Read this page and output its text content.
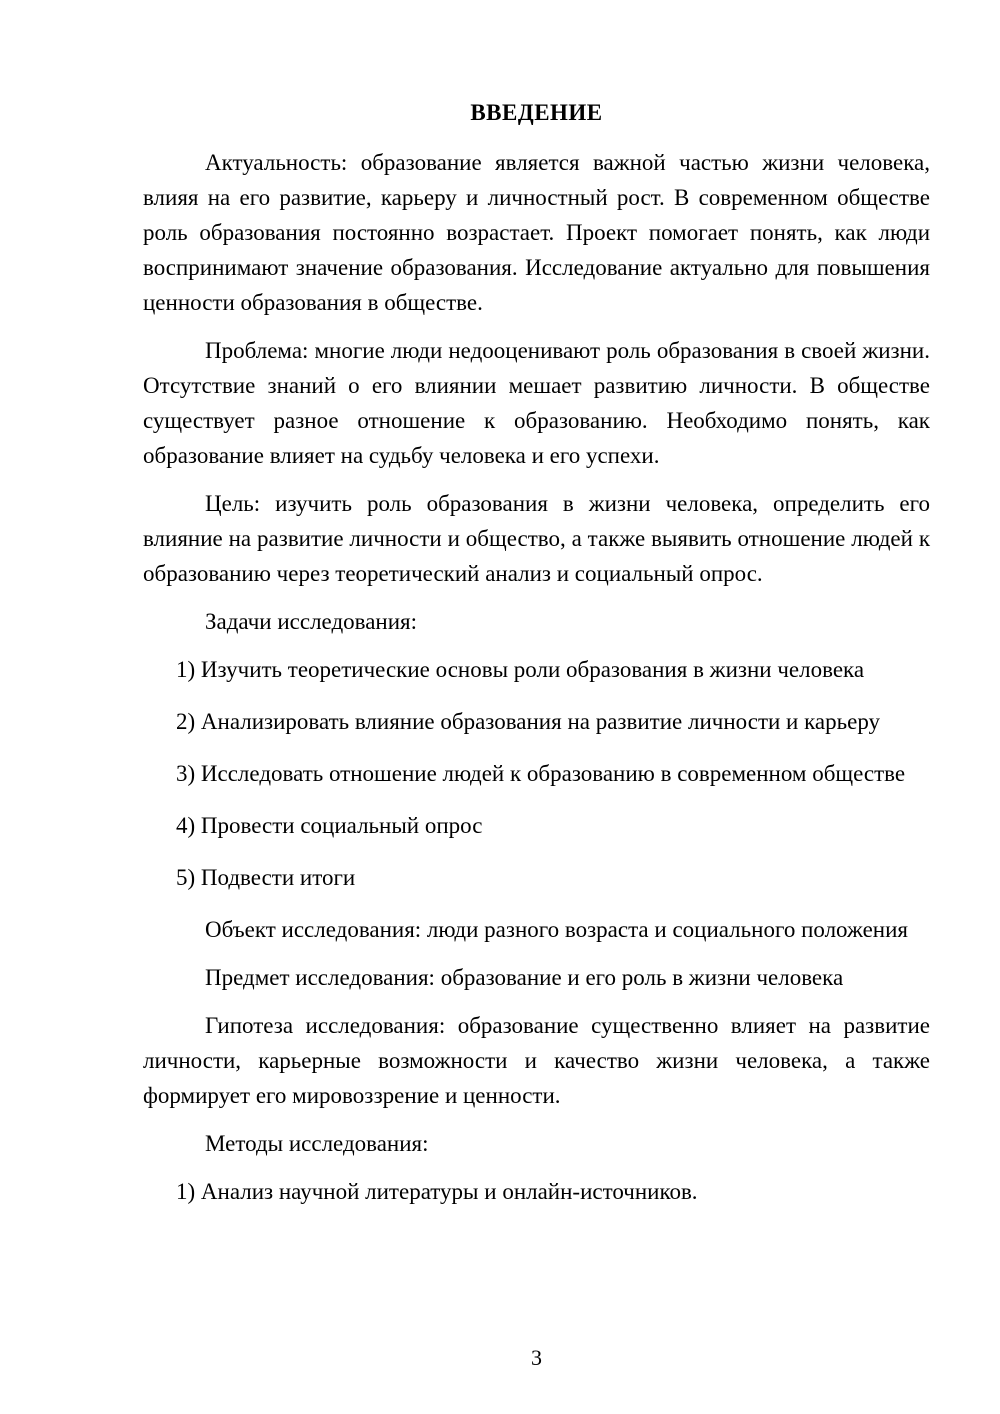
ВВЕДЕНИЕ

Актуальность: образование является важной частью жизни человека, влияя на его развитие, карьеру и личностный рост. В современном обществе роль образования постоянно возрастает. Проект помогает понять, как люди воспринимают значение образования. Исследование актуально для повышения ценности образования в обществе.

Проблема: многие люди недооценивают роль образования в своей жизни. Отсутствие знаний о его влиянии мешает развитию личности. В обществе существует разное отношение к образованию. Необходимо понять, как образование влияет на судьбу человека и его успехи.

Цель: изучить роль образования в жизни человека, определить его влияние на развитие личности и общество, а также выявить отношение людей к образованию через теоретический анализ и социальный опрос.

Задачи исследования:

1) Изучить теоретические основы роли образования в жизни человека

2) Анализировать влияние образования на развитие личности и карьеру

3) Исследовать отношение людей к образованию в современном обществе

4) Провести социальный опрос

5) Подвести итоги

Объект исследования: люди разного возраста и социального положения

Предмет исследования: образование и его роль в жизни человека

Гипотеза исследования: образование существенно влияет на развитие личности, карьерные возможности и качество жизни человека, а также формирует его мировоззрение и ценности.

Методы исследования:

1) Анализ научной литературы и онлайн-источников.

3
